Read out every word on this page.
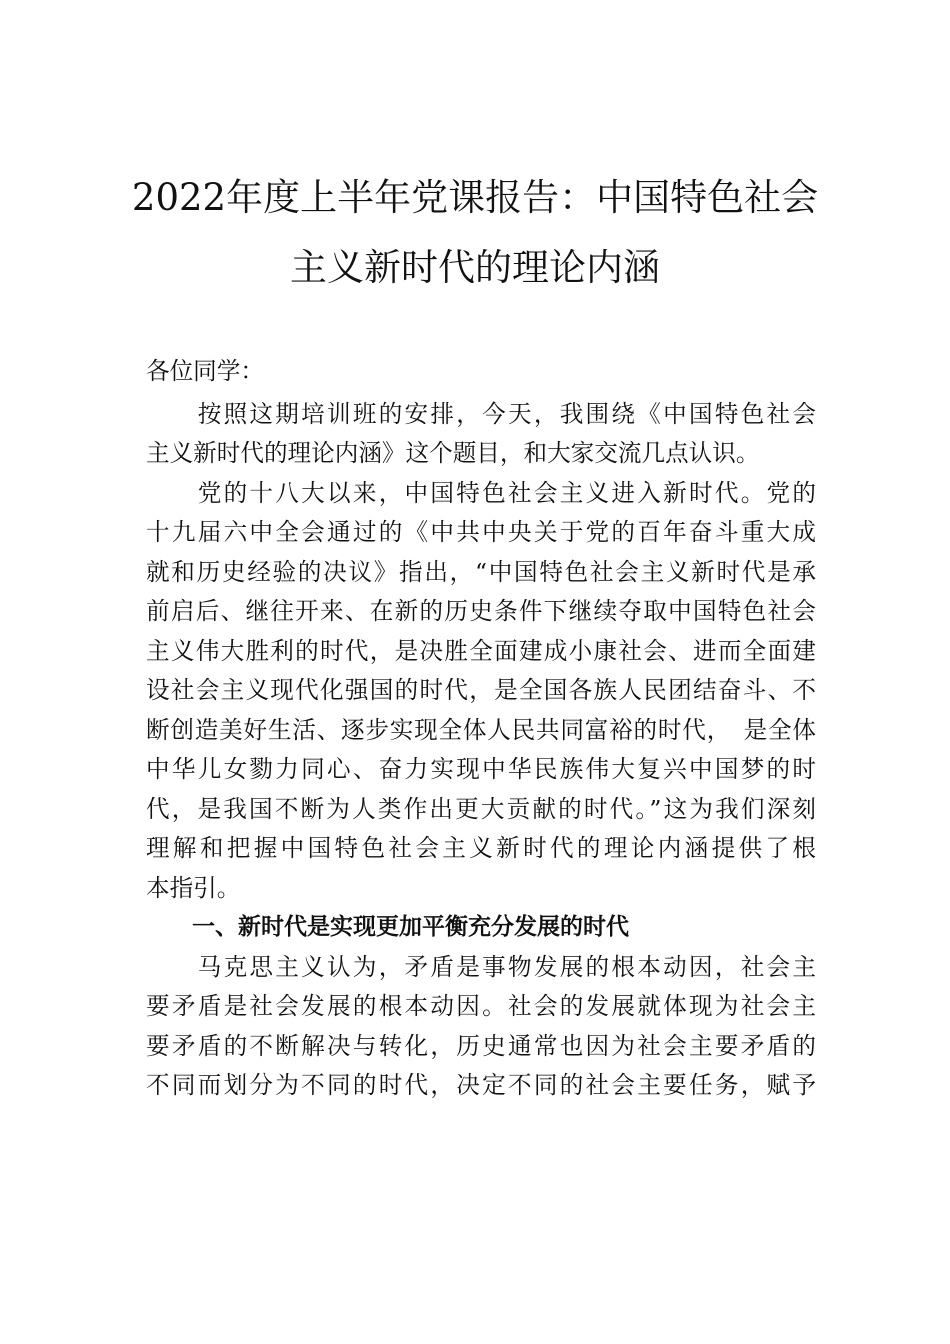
2022年度上半年党课报告：中国特色社会
主义新时代的理论内涵
各位同学：
　　按照这期培训班的安排，今天，我围绕《中国特色社会
主义新时代的理论内涵》这个题目，和大家交流几点认识。
　　党的十八大以来，中国特色社会主义进入新时代。党的
十九届六中全会通过的《中共中央关于党的百年奋斗重大成
就和历史经验的决议》指出，“中国特色社会主义新时代是承
前启后、继往开来、在新的历史条件下继续夺取中国特色社会
主义伟大胜利的时代，是决胜全面建成小康社会、进而全面建
设社会主义现代化强国的时代，是全国各族人民团结奋斗、不
断创造美好生活、逐步实现全体人民共同富裕的时代，　是全体
中华儿女勠力同心、奋力实现中华民族伟大复兴中国梦的时
代，是我国不断为人类作出更大贡献的时代。”这为我们深刻
理解和把握中国特色社会主义新时代的理论内涵提供了根
本指引。
　　一、新时代是实现更加平衡充分发展的时代
　　马克思主义认为，矛盾是事物发展的根本动因，社会主
要矛盾是社会发展的根本动因。社会的发展就体现为社会主
要矛盾的不断解决与转化，历史通常也因为社会主要矛盾的
不同而划分为不同的时代，决定不同的社会主要任务，赋予
